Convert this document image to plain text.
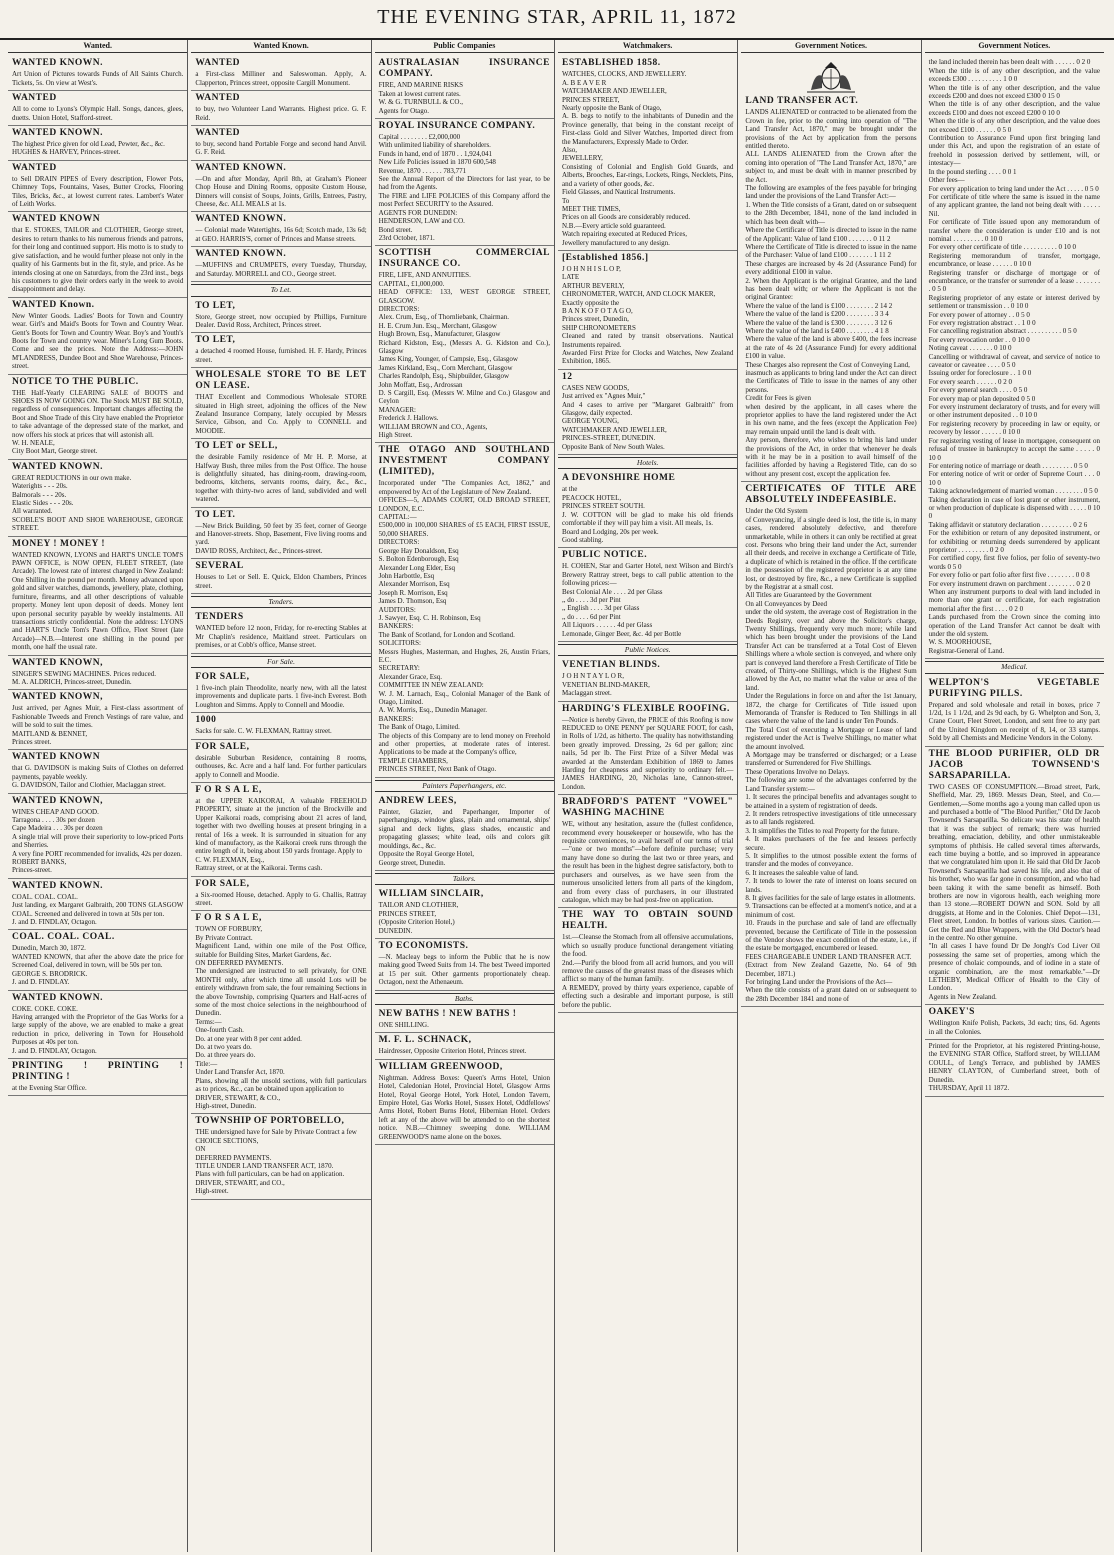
THE EVENING STAR, APRIL 11, 1872
Wanted.
WANTED KNOWN.
Art Union of Pictures towards Funds of All Saints Church. Tickets, 5s. On view at West's.
WANTED
All to come to Lyons's Olympic Hall. Songs, dances, glees, duetts. Union Hotel, Stafford-street.
WANTED KNOWN.
The highest Price given for old Lead, Pewter, &c., &c.
HUGHES & HARVEY, Princes-street.
WANTED
to Sell DRAIN PIPES of Every description, Flower Pots, Chimney Tops, Fountains, Vases, Butter Crocks, Flooring Tiles, Bricks, &c., at lowest current rates. Lambert's Water of Leith Works.
WANTED KNOWN
that E. STOKES, TAILOR and CLOTHIER, George street, desires to return thanks to his numerous friends and patrons, for their long and continued support. His motto is to study to give satisfaction, and he would further please not only in the quality of his Garments but in the fit, style, and price. As he intends closing at one on Saturdays, from the 23rd inst., begs his customers to give their orders early in the week to avoid disappointment and delay.
WANTED Known.
New Winter Goods. Ladies' Boots for Town and Country wear. Girl's and Maid's Boots for Town and Country Wear. Gent's Boots for Town and Country Wear. Boy's and Youth's Boots for Town and country wear. Miner's Long Gum Boots. Come and see the prices. Note the Address:—JOHN M'LANDRESS, Dundee Boot and Shoe Warehouse, Princes-street.
NOTICE TO THE PUBLIC.
THE Half-Yearly CLEARING SALE of BOOTS and SHOES IS NOW GOING ON. The Stock MUST BE SOLD, regardless of consequences. Important changes affecting the Boot and Shoe Trade of this City have enabled the Proprietor to take advantage of the depressed state of the market, and now offers his stock at prices that will astonish all.
W. H. NEALE,
City Boot Mart, George street.
WANTED KNOWN.
GREAT REDUCTIONS in our own make.
Waterights - - - 20s.
Balmorals - - - 20s.
Elastic Sides - - - 20s.
All warranted.
SCOBLE'S BOOT AND SHOE WAREHOUSE, GEORGE STREET.
MONEY ! MONEY !
WANTED KNOWN, LYONS and HART'S UNCLE TOM'S PAWN OFFICE, is NOW OPEN, FLEET STREET, (late Arcade). The lowest rate of interest charged in New Zealand: One Shilling in the pound per month. Money advanced upon gold and silver watches, diamonds, jewellery, plate, clothing, furniture, firearms, and all other descriptions of valuable property. Money lent upon deposit of deeds. Money lent upon personal security payable by weekly instalments. All transactions strictly confidential. Note the address: LYONS and HART'S Uncle Tom's Pawn Office, Fleet Street (late Arcade)—N.B.—Interest one shilling in the pound per month, one half the usual rate.
WANTED KNOWN,
SINGER'S SEWING MACHINES. Prices reduced.
M. A. ALDRICH, Princes-street, Dunedin.
WANTED KNOWN,
Just arrived, per Agnes Muir, a First-class assortment of Fashionable Tweeds and French Vestings of rare value, and will be sold to suit the times.
MAITLAND & BENNET,
Princes street.
WANTED KNOWN
that G. DAVIDSON is making Suits of Clothes on deferred payments, payable weekly.
G. DAVIDSON, Tailor and Clothier, Maclaggan street.
WANTED KNOWN,
WINES CHEAP AND GOOD.
Tarragona . . . . 30s per dozen
Cape Madeira . . . 30s per dozen
A single trial will prove their superiority to low-priced Ports and Sherries.
A very fine PORT recommended for invalids, 42s per dozen.
ROBERT BANKS,
Princes-street.
WANTED KNOWN.
COAL. COAL. COAL.
Just landing, ex Margaret Galbraith, 200 TONS GLASGOW COAL. Screened and delivered in town at 50s per ton.
J. and D. FINDLAY, Octagon.
COAL. COAL. COAL.
Dunedin, March 30, 1872.
WANTED KNOWN, that after the above date the price for Screened Coal, delivered in town, will be 50s per ton.
GEORGE S. BRODRICK.
J. and D. FINDLAY.
WANTED KNOWN.
COKE. COKE. COKE.
Having arranged with the Proprietor of the Gas Works for a large supply of the above, we are enabled to make a great reduction in price, delivering in Town for Household Purposes at 40s per ton.
J. and D. FINDLAY, Octagon.
PRINTING ! PRINTING ! PRINTING !
at the Evening Star Office.
Wanted Known.
WANTED
a First-class Milliner and Saleswoman. Apply, A. Clapperton, Princes street, opposite Cargill Monument.
WANTED
to buy, two Volunteer Land Warrants. Highest price. G. F. Reid.
WANTED
to buy, second hand Portable Forge and second hand Anvil. G. F. Reid.
WANTED KNOWN.
—On and after Monday, April 8th, at Graham's Pioneer Chop House and Dining Rooms, opposite Custom House, Dinners will consist of Soups, Joints, Grills, Entrees, Pastry, Cheese, &c. ALL MEALS at 1s.
WANTED KNOWN.
— Colonial made Watertights, 16s 6d; Scotch made, 13s 6d; at GEO. HARRIS'S, corner of Princes and Manse streets.
WANTED KNOWN.
—MUFFINS and CRUMPETS, every Tuesday, Thursday, and Saturday. MORRELL and CO., George street.
To Let.
TO LET,
Store, George street, now occupied by Phillips, Furniture Dealer. David Ross, Architect, Princes street.
TO LET,
a detached 4 roomed House, furnished. H. F. Hardy, Princes street.
WHOLESALE STORE TO BE LET ON LEASE.
THAT Excellent and Commodious Wholesale STORE situated in High street, adjoining the offices of the New Zealand Insurance Company, lately occupied by Messrs Service, Gibson, and Co. Apply to CONNELL and MOODIE.
TO LET or SELL,
the desirable Family residence of Mr H. P. Morse, at Halfway Bush, three miles from the Post Office. The house is delightfully situated, has dining-room, drawing-room, bedrooms, kitchens, servants rooms, dairy, &c., &c., together with thirty-two acres of land, subdivided and well watered.
TO LET.
—New Brick Building, 50 feet by 35 feet, corner of George and Hanover-streets. Shop, Basement, Five living rooms and yard.
DAVID ROSS, Architect, &c., Princes-street.
SEVERAL
Houses to Let or Sell. E. Quick, Eldon Chambers, Princes street.
Tenders.
TENDERS
WANTED before 12 noon, Friday, for re-erecting Stables at Mr Chaplin's residence, Maitland street. Particulars on premises, or at Cobb's office, Manse street.
For Sale.
FOR SALE,
1 five-inch plain Theodolite, nearly new, with all the latest improvements and duplicate parts. 1 five-inch Everest. Both Loughton and Simms. Apply to Connell and Moodie.
1000
Sacks for sale. C. W. FLEXMAN, Rattray street.
FOR SALE,
desirable Suburban Residence, containing 8 rooms, outhouses, &c. Acre and a half land. For further particulars apply to Connell and Moodie.
F O R S A L E,
at the UPPER KAIKORAI, A valuable FREEHOLD PROPERTY, situate at the junction of the Brockville and Upper Kaikorai roads, comprising about 21 acres of land, together with two dwelling houses at present bringing in a rental of 16s a week. It is surrounded in situation for any kind of manufactory, as the Kaikorai creek runs through the entire length of it, being about 150 yards frontage. Apply to
C. W. FLEXMAN, Esq.,
Rattray street, or at the Kaikorai. Terms cash.
FOR SALE,
a Six-roomed House, detached. Apply to G. Challis, Rattray street.
F O R S A L E,
TOWN OF FORBURY,
By Private Contract.
Magnificent Land, within one mile of the Post Office, suitable for Building Sites, Market Gardens, &c.
ON DEFERRED PAYMENTS.
The undersigned are instructed to sell privately, for ONE MONTH only, after which time all unsold Lots will be entirely withdrawn from sale, the four remaining Sections in the above Township, comprising Quarters and Half-acres of some of the most choice selections in the neighbourhood of Dunedin.
Terms:—
One-fourth Cash.
Do. at one year with 8 per cent added.
Do. at two years do.
Do. at three years do.
Title:—
Under Land Transfer Act, 1870.
Plans, showing all the unsold sections, with full particulars as to prices, &c., can be obtained upon application to
DRIVER, STEWART, & CO.,
High-street, Dunedin.
TOWNSHIP OF PORTOBELLO,
THE undersigned have for Sale by Private Contract a few
CHOICE SECTIONS,
ON
DEFERRED PAYMENTS.
TITLE UNDER LAND TRANSFER ACT, 1870.
Plans with full particulars, can be had on application.
DRIVER, STEWART, and CO.,
High-street.
Public Companies
AUSTRALASIAN INSURANCE COMPANY.
FIRE, AND MARINE RISKS
Taken at lowest current rates.
W. & G. TURNBULL & CO.,
Agents for Otago.
ROYAL INSURANCE COMPANY.
Capital . . . . . . . . £2,000,000
With unlimited liability of shareholders.
Funds in hand, end of 1870 . . 1,924,041
New Life Policies issued in 1870 600,548
Revenue, 1870 . . . . . . 783,771
See the Annual Report of the Directors for last year, to be had from the Agents.
The FIRE and LIFE POLICIES of this Company afford the most Perfect SECURITY to the Assured.
AGENTS FOR DUNEDIN:
HENDERSON, LAW and CO.
Bond street.
23rd October, 1871.
SCOTTISH COMMERCIAL INSURANCE CO.
FIRE, LIFE, AND ANNUITIES.
CAPITAL, £1,000,000.
HEAD OFFICE: 133, WEST GEORGE STREET, GLASGOW.
DIRECTORS:
Alex. Crum, Esq., of Thornliebank, Chairman.
H. E. Crum Jun. Esq., Merchant, Glasgow
Hugh Brown, Esq., Manufacturer, Glasgow
Richard Kidston, Esq., (Messrs A. G. Kidston and Co.), Glasgow
James King, Younger, of Campsie, Esq., Glasgow
James Kirkland, Esq., Corn Merchant, Glasgow
Charles Randolph, Esq., Shipbuilder, Glasgow
John Moffatt, Esq., Ardrossan
D. S Cargill, Esq. (Messrs W. Milne and Co.) Glasgow and Ceylon
MANAGER:
Frederick J. Hallows.
WILLIAM BROWN and CO., Agents,
High Street.
THE OTAGO AND SOUTHLAND INVESTMENT COMPANY (LIMITED),
Incorporated under "The Companies Act, 1862," and empowered by Act of the Legislature of New Zealand.
OFFICES—5, ADAMS COURT, OLD BROAD STREET, LONDON, E.C.
CAPITAL:—
£500,000 in 100,000 SHARES of £5 EACH, FIRST ISSUE, 50,000 SHARES.
DIRECTORS:
George Hay Donaldson, Esq
S. Bolton Edenborough, Esq
Alexander Long Elder, Esq
John Harbottle, Esq
Alexander Morrison, Esq
Joseph R. Morrison, Esq
James D. Thomson, Esq
AUDITORS:
J. Sawyer, Esq. C. H. Robinson, Esq
BANKERS:
The Bank of Scotland, for London and Scotland.
SOLICITORS:
Messrs Hughes, Masterman, and Hughes, 26, Austin Friars, E.C.
SECRETARY:
Alexander Grace, Esq.
COMMITTEE IN NEW ZEALAND:
W. J. M. Larnach, Esq., Colonial Manager of the Bank of Otago, Limited.
A. W. Morris, Esq., Dunedin Manager.
BANKERS:
The Bank of Otago, Limited.
The objects of this Company are to lend money on Freehold and other properties, at moderate rates of interest. Applications to be made at the Company's office,
TEMPLE CHAMBERS,
PRINCES STREET, Next Bank of Otago.
Painters Paperhangers, etc.
ANDREW LEES,
Painter, Glazier, and Paperhanger, Importer of paperhangings, window glass, plain and ornamental, ships' signal and deck lights, glass shades, encaustic and propagating glasses; white lead, oils and colors gilt mouldings, &c., &c.
Opposite the Royal George Hotel,
George street, Dunedin.
Tailors.
WILLIAM SINCLAIR,
TAILOR AND CLOTHIER,
PRINCES STREET,
(Opposite Criterion Hotel,)
DUNEDIN.
TO ECONOMISTS.
—N. Macleay begs to inform the Public that he is now making good Tweed Suits from 14. The best Tweed imported at 15 per suit. Other garments proportionately cheap. Octagon, next the Athenaeum.
Baths.
NEW BATHS ! NEW BATHS !
ONE SHILLING.
M. F. L. SCHNACK,
Hairdresser, Opposite Criterion Hotel, Princes street.
WILLIAM GREENWOOD,
Nightman. Address Boxes: Queen's Arms Hotel, Union Hotel, Caledonian Hotel, Provincial Hotel, Glasgow Arms Hotel, Royal George Hotel, York Hotel, London Tavern, Empire Hotel, Gas Works Hotel, Sussex Hotel, Oddfellows' Arms Hotel, Robert Burns Hotel, Hibernian Hotel. Orders left at any of the above will be attended to on the shortest notice. N.B.—Chimney sweeping done. WILLIAM GREENWOOD'S name alone on the boxes.
Watchmakers.
ESTABLISHED 1858.
WATCHES, CLOCKS, AND JEWELLERY.
A. B E A V E R
WATCHMAKER AND JEWELLER,
PRINCES STREET,
Nearly opposite the Bank of Otago,
A. B. begs to notify to the inhabitants of Dunedin and the Province generally, that being in the constant receipt of First-class Gold and Silver Watches, Imported direct from the Manufacturers, Expressly Made to Order.
Also,
JEWELLERY,
Consisting of Colonial and English Gold Guards, and Alberts, Brooches, Ear-rings, Lockets, Rings, Necklets, Pins, and a variety of other goods, &c.
Field Glasses, and Nautical Instruments.
To
MEET THE TIMES,
Prices on all Goods are considerably reduced.
N.B.—Every article sold guaranteed.
Watch repairing executed at Reduced Prices,
Jewellery manufactured to any design.
[Established 1856.]
J O H N H I S L O P,
LATE
ARTHUR BEVERLY,
CHRONOMETER, WATCH, AND CLOCK MAKER,
Exactly opposite the
B A N K O F O T A G O,
Princes street, Dunedin,
SHIP CHRONOMETERS
Cleaned and rated by transit observations. Nautical Instruments repaired.
Awarded First Prize for Clocks and Watches, New Zealand Exhibition, 1865.
12
CASES NEW GOODS,
Just arrived ex "Agnes Muir,"
And 4 cases to arrive per "Margaret Galbraith" from Glasgow, daily expected.
GEORGE YOUNG,
WATCHMAKER AND JEWELLER,
PRINCES-STREET, DUNEDIN.
Opposite Bank of New South Wales.
Hotels.
A DEVONSHIRE HOME
at the
PEACOCK HOTEL,
PRINCES STREET SOUTH.
J. W. COTTON will be glad to make his old friends comfortable if they will pay him a visit. All meals, 1s.
Board and Lodging, 20s per week.
Good stabling.
PUBLIC NOTICE.
H. COHEN, Star and Garter Hotel, next Wilson and Birch's Brewery Rattray street, begs to call public attention to the following prices:—
Best Colonial Ale . . . . 2d per Glass
,, do . . . . 3d per Pint
,, English . . . . 3d per Glass
,, do . . . . 6d per Pint
All Liquors . . . . . . 4d per Glass
Lemonade, Ginger Beer, &c. 4d per Bottle
Public Notices.
VENETIAN BLINDS.
J O H N T A Y L O R,
VENETIAN BLIND-MAKER,
Maclaggan street.
HARDING'S FLEXIBLE ROOFING.
—Notice is hereby Given, the PRICE of this Roofing is now REDUCED to ONE PENNY per SQUARE FOOT, for cash, in Rolls of 1/2d, as hitherto. The quality has notwithstanding been greatly improved. Dressing, 2s 6d per gallon; zinc nails, 5d per lb. The First Prize of a Silver Medal was awarded at the Amsterdam Exhibition of 1869 to James Harding for cheapness and superiority to ordinary felt.—JAMES HARDING, 20, Nicholas lane, Cannon-street, London.
BRADFORD'S PATENT "VOWEL" WASHING MACHINE
WE, without any hesitation, assure the (fullest confidence, recommend every housekeeper or housewife, who has the requisite conveniences, to avail herself of our terms of trial—"one or two months"—before definite purchase; very many have done so during the last two or three years, and the result has been in the highest degree satisfactory, both to purchasers and ourselves, as we have seen from the numerous unsolicited letters from all parts of the kingdom, and from every class of purchasers, in our illustrated catalogue, which may be had post-free on application.
THE WAY TO OBTAIN SOUND HEALTH.
1st.—Cleanse the Stomach from all offensive accumulations, which so usually produce functional derangement vitiating the food.
2nd.—Purify the blood from all acrid humors, and you will remove the causes of the greatest mass of the diseases which afflict so many of the human family.
A REMEDY, proved by thirty years experience, capable of effecting such a desirable and important purpose, is still before the public.
Government Notices.
LAND TRANSFER ACT.
LANDS ALIENATED or contracted to be alienated from the Crown in fee, prior to the coming into operation of "The Land Transfer Act, 1870," may be brought under the provisions of the Act by application from the persons entitled thereto.
ALL LANDS ALIENATED from the Crown after the coming into operation of "The Land Transfer Act, 1870," are subject to, and must be dealt with in manner prescribed by the Act.
The following are examples of the fees payable for bringing land under the provisions of the Land Transfer Act:—
1. When the Title consists of a Grant, dated on or subsequent to the 28th December, 1841, none of the land included in which has been dealt with—
Where the Certificate of Title is directed to issue in the name of the Applicant: Value of land £100 . . . . . . . 0 11 2
Where the Certificate of Title is directed to issue in the name of the Purchaser: Value of land £100 . . . . . . . 1 11 2
These charges are increased by 4s 2d (Assurance Fund) for every additional £100 in value.
2. When the Applicant is the original Grantee, and the land has been dealt with; or where the Applicant is not the original Grantee:
Where the value of the land is £100 . . . . . . . . 2 14 2
Where the value of the land is £200 . . . . . . . . 3 3 4
Where the value of the land is £300 . . . . . . . . 3 12 6
Where the value of the land is £400 . . . . . . . . 4 1 8
Where the value of the land is above £400, the fees increase at the rate of 4s 2d (Assurance Fund) for every additional £100 in value.
These Charges also represent the Cost of Conveying Land,
inasmuch as applicants to bring land under the Act can direct the Certificates of Title to issue in the names of any other persons.
Credit for Fees is given
when desired by the applicant, in all cases where the proprietor applies to have the land registered under the Act in his own name, and the fees (except the Application Fee) may remain unpaid until the land is dealt with.
Any person, therefore, who wishes to bring his land under the provisions of the Act, in order that whenever he deals with it he may be in a position to avail himself of the facilities afforded by having a Registered Title, can do so without any present cost, except the application fee.
CERTIFICATES OF TITLE ARE ABSOLUTELY INDEFEASIBLE.
Under the Old System
of Conveyancing, if a single deed is lost, the title is, in many cases, rendered absolutely defective, and therefore unmarketable, while in others it can only be rectified at great cost. Persons who bring their land under the Act, surrender all their deeds, and receive in exchange a Certificate of Title, a duplicate of which is retained in the office. If the certificate in the possession of the registered proprietor is at any time lost, or destroyed by fire, &c., a new Certificate is supplied by the Registrar at a small cost.
All Titles are Guaranteed by the Government
On all Conveyances by Deed
under the old system, the average cost of Registration in the Deeds Registry, over and above the Solicitor's charge, Twenty Shillings, frequently very much more; while land which has been brought under the provisions of the Land Transfer Act can be transferred at a Total Cost of Eleven Shillings where a whole section is conveyed, and where only part is conveyed land therefore a Fresh Certificate of Title be created, of Thirty-one Shillings, which is the Highest Sum allowed by the Act, no matter what the value or area of the land.
Under the Regulations in force on and after the 1st January, 1872, the charge for Certificates of Title issued upon Memoranda of Transfer is Reduced to Ten Shillings in all cases where the value of the land is under Ten Pounds.
The Total Cost of executing a Mortgage or Lease of land registered under the Act is Twelve Shillings, no matter what the amount involved.
A Mortgage may be transferred or discharged; or a Lease transferred or Surrendered for Five Shillings.
These Operations Involve no Delays.
The following are some of the advantages conferred by the Land Transfer system:—
1. It secures the principal benefits and advantages sought to be attained in a system of registration of deeds.
2. It renders retrospective investigations of title unnecessary as to all lands registered.
3. It simplifies the Titles to real Property for the future.
4. It makes purchasers of the fee and lessees perfectly secure.
5. It simplifies to the utmost possible extent the forms of transfer and the modes of conveyance.
6. It increases the saleable value of land.
7. It tends to lower the rate of interest on loans secured on lands.
8. It gives facilities for the sale of large estates in allotments.
9. Transactions can be effected at a moment's notice, and at a minimum of cost.
10. Frauds in the purchase and sale of land are effectually prevented, because the Certificate of Title in the possession of the Vendor shows the exact condition of the estate, i.e., if the estate be mortgaged, encumbered or leased.
FEES CHARGEABLE UNDER LAND TRANSFER ACT.
(Extract from New Zealand Gazette, No. 64 of 9th December, 1871.)
For bringing Land under the Provisions of the Act—
When the title consists of a grant dated on or subsequent to the 28th December 1841 and none of
Government Notices.
the land included therein has been dealt with . . . . . . 0 2 0
When the title is of any other description, and the value exceeds £300 . . . . . . . . . . 1 0 0
When the title is of any other description, and the value exceeds £200 and does not exceed £300 0 15 0
When the title is of any other description, and the value exceeds £100 and does not exceed £200 0 10 0
When the title is of any other description, and the value does not exceed £100 . . . . . . 0 5 0
Contribution to Assurance Fund upon first bringing land under this Act, and upon the registration of an estate of freehold in possession derived by settlement, will, or intestacy—
In the pound sterling . . . . 0 0 1
Other fees—
For every application to bring land under the Act . . . . . 0 5 0
For certificate of title where the same is issued in the name of any applicant grantee, the land not being dealt with . . . . . Nil.
For certificate of Title issued upon any memorandum of transfer where the consideration is under £10 and is not nominal . . . . . . . . . 0 10 0
For every other certificate of title . . . . . . . . . . 0 10 0
Registering memorandum of transfer, mortgage, encumbrance, or lease . . . . . . 0 10 0
Registering transfer or discharge of mortgage or of encumbrance, or the transfer or surrender of a lease . . . . . . . . 0 5 0
Registering proprietor of any estate or interest derived by settlement or transmission . . 0 10 0
For every power of attorney . . 0 5 0
For every registration abstract . . 1 0 0
For cancelling registration abstract . . . . . . . . . . 0 5 0
For every revocation order . . 0 10 0
Noting caveat . . . . . . . 0 10 0
Cancelling or withdrawal of caveat, and service of notice to caveator or caveatee . . . . 0 5 0
Issuing order for foreclosure . . 1 0 0
For every search . . . . . . 0 2 0
For every general search . . . . 0 5 0
For every map or plan deposited 0 5 0
For every instrument declaratory of trusts, and for every will or other instrument deposited . . 0 10 0
For registering recovery by proceeding in law or equity, or recovery by lessor . . . . . . 0 10 0
For registering vesting of lease in mortgagee, consequent on refusal of trustee in bankruptcy to accept the same . . . . . 0 10 0
For entering notice of marriage or death . . . . . . . . . 0 5 0
For entering notice of writ or order of Supreme Court . . . 0 10 0
Taking acknowledgement of married woman . . . . . . . . 0 5 0
Taking declaration in case of lost grant or other instrument, or when production of duplicate is dispensed with . . . . . 0 10 0
Taking affidavit or statutory declaration . . . . . . . . . 0 2 6
For the exhibition or return of any deposited instrument, or for exhibiting or returning deeds surrendered by applicant proprietor . . . . . . . . . 0 2 0
For certified copy, first five folios, per folio of seventy-two words 0 5 0
For every folio or part folio after first five . . . . . . . . 0 0 8
For every instrument drawn on parchment . . . . . . . . 0 2 0
When any instrument purports to deal with land included in more than one grant or certificate, for each registration memorial after the first . . . . 0 2 0
Lands purchased from the Crown since the coming into operation of the Land Transfer Act cannot be dealt with under the old system.
W. S. MOORHOUSE,
Registrar-General of Land.
Medical.
WELPTON'S VEGETABLE PURIFYING PILLS.
Prepared and sold wholesale and retail in boxes, price 7 1/2d, 1s 1 1/2d, and 2s 9d each, by G. Whelpton and Son, 3, Crane Court, Fleet Street, London, and sent free to any part of the United Kingdom on receipt of 8, 14, or 33 stamps. Sold by all Chemists and Medicine Vendors in the Colony.
THE BLOOD PURIFIER, OLD DR JACOB TOWNSEND'S SARSAPARILLA.
TWO CASES OF CONSUMPTION.—Broad street, Park, Sheffield, Mar. 29, 1869. Messrs Dean, Steel, and Co.—Gentlemen,—Some months ago a young man called upon us and purchased a bottle of "The Blood Purifier," Old Dr Jacob Townsend's Sarsaparilla. So delicate was his state of health that it was the subject of remark; there was hurried breathing, emaciation, debility, and other unmistakeable symptoms of phthisis. He called several times afterwards, each time buying a bottle, and so improved in appearance that we congratulated him upon it. He said that Old Dr Jacob Townsend's Sarsaparilla had saved his life, and also that of his brother, who was far gone in consumption, and who had been taking it with the same benefit as himself. Both brothers are now in vigorous health, each weighing more than 13 stone.—ROBERT DOWN and SON. Sold by all druggists, at Home and in the Colonies. Chief Depot—131, Fleet street, London. In bottles of various sizes. Caution.—Get the Red and Blue Wrappers, with the Old Doctor's head in the centre. No other genuine.
"In all cases I have found Dr De Jongh's Cod Liver Oil possessing the same set of properties, among which the presence of cholaic compounds, and of iodine in a state of organic combination, are the most remarkable."—Dr LETHEBY, Medical Officer of Health to the City of London.
Agents in New Zealand.
OAKEY'S
Wellington Knife Polish, Packets, 3d each; tins, 6d. Agents in all the Colonies.
Printed for the Proprietor, at his registered Printing-house, the EVENING STAR Office, Stafford street, by WILLIAM COULL, of Leng's Terrace, and published by JAMES HENRY CLAYTON, of Cumberland street, both of Dunedin.
THURSDAY, April 11 1872.
